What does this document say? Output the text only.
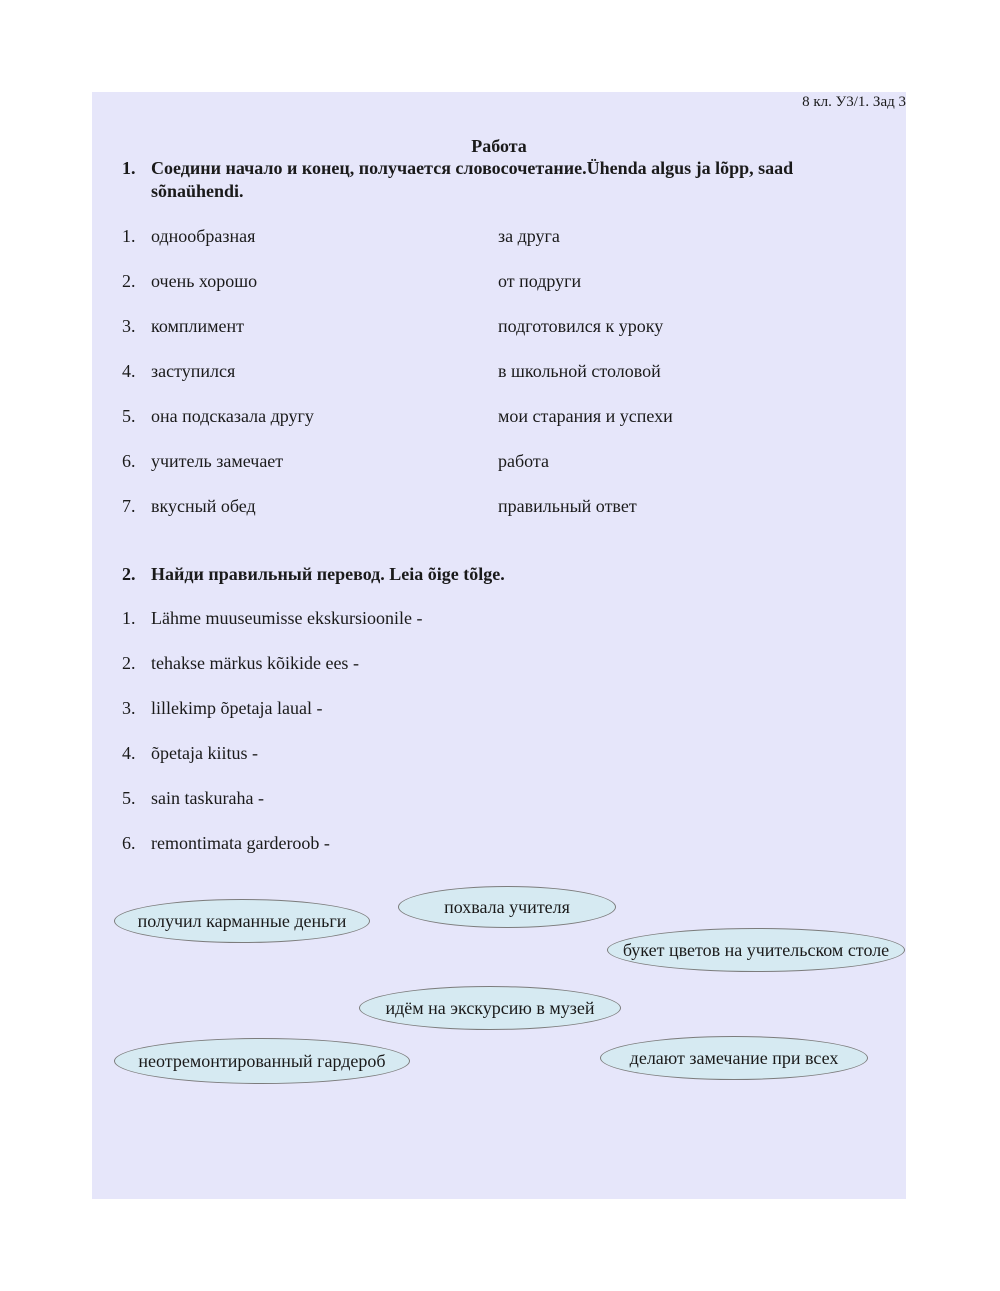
8 кл. У3/1. Зад 3
Работа
1. Соедини начало и конец, получается словосочетание.Ühenda algus ja lõpp, saad sõnaühendi.
1. однообразная
2. очень хорошо
3. комплимент
4. заступился
5. она подсказала другу
6. учитель замечает
7. вкусный обед
за друга
от подруги
подготовился к уроку
в школьной столовой
мои старания и успехи
работа
правильный ответ
2. Найди правильный перевод. Leia õige tõlge.
1. Lähme muuseumisse ekskursioonile -
2. tehakse märkus kõikide ees -
3. lillekimp õpetaja laual -
4. õpetaja kiitus -
5. sain taskuraha -
6. remontimata garderoob -
похвала учителя
получил карманные деньги
букет цветов на учительском столе
идём на экскурсию в музей
неотремонтированный гардероб	делают замечание при всех
